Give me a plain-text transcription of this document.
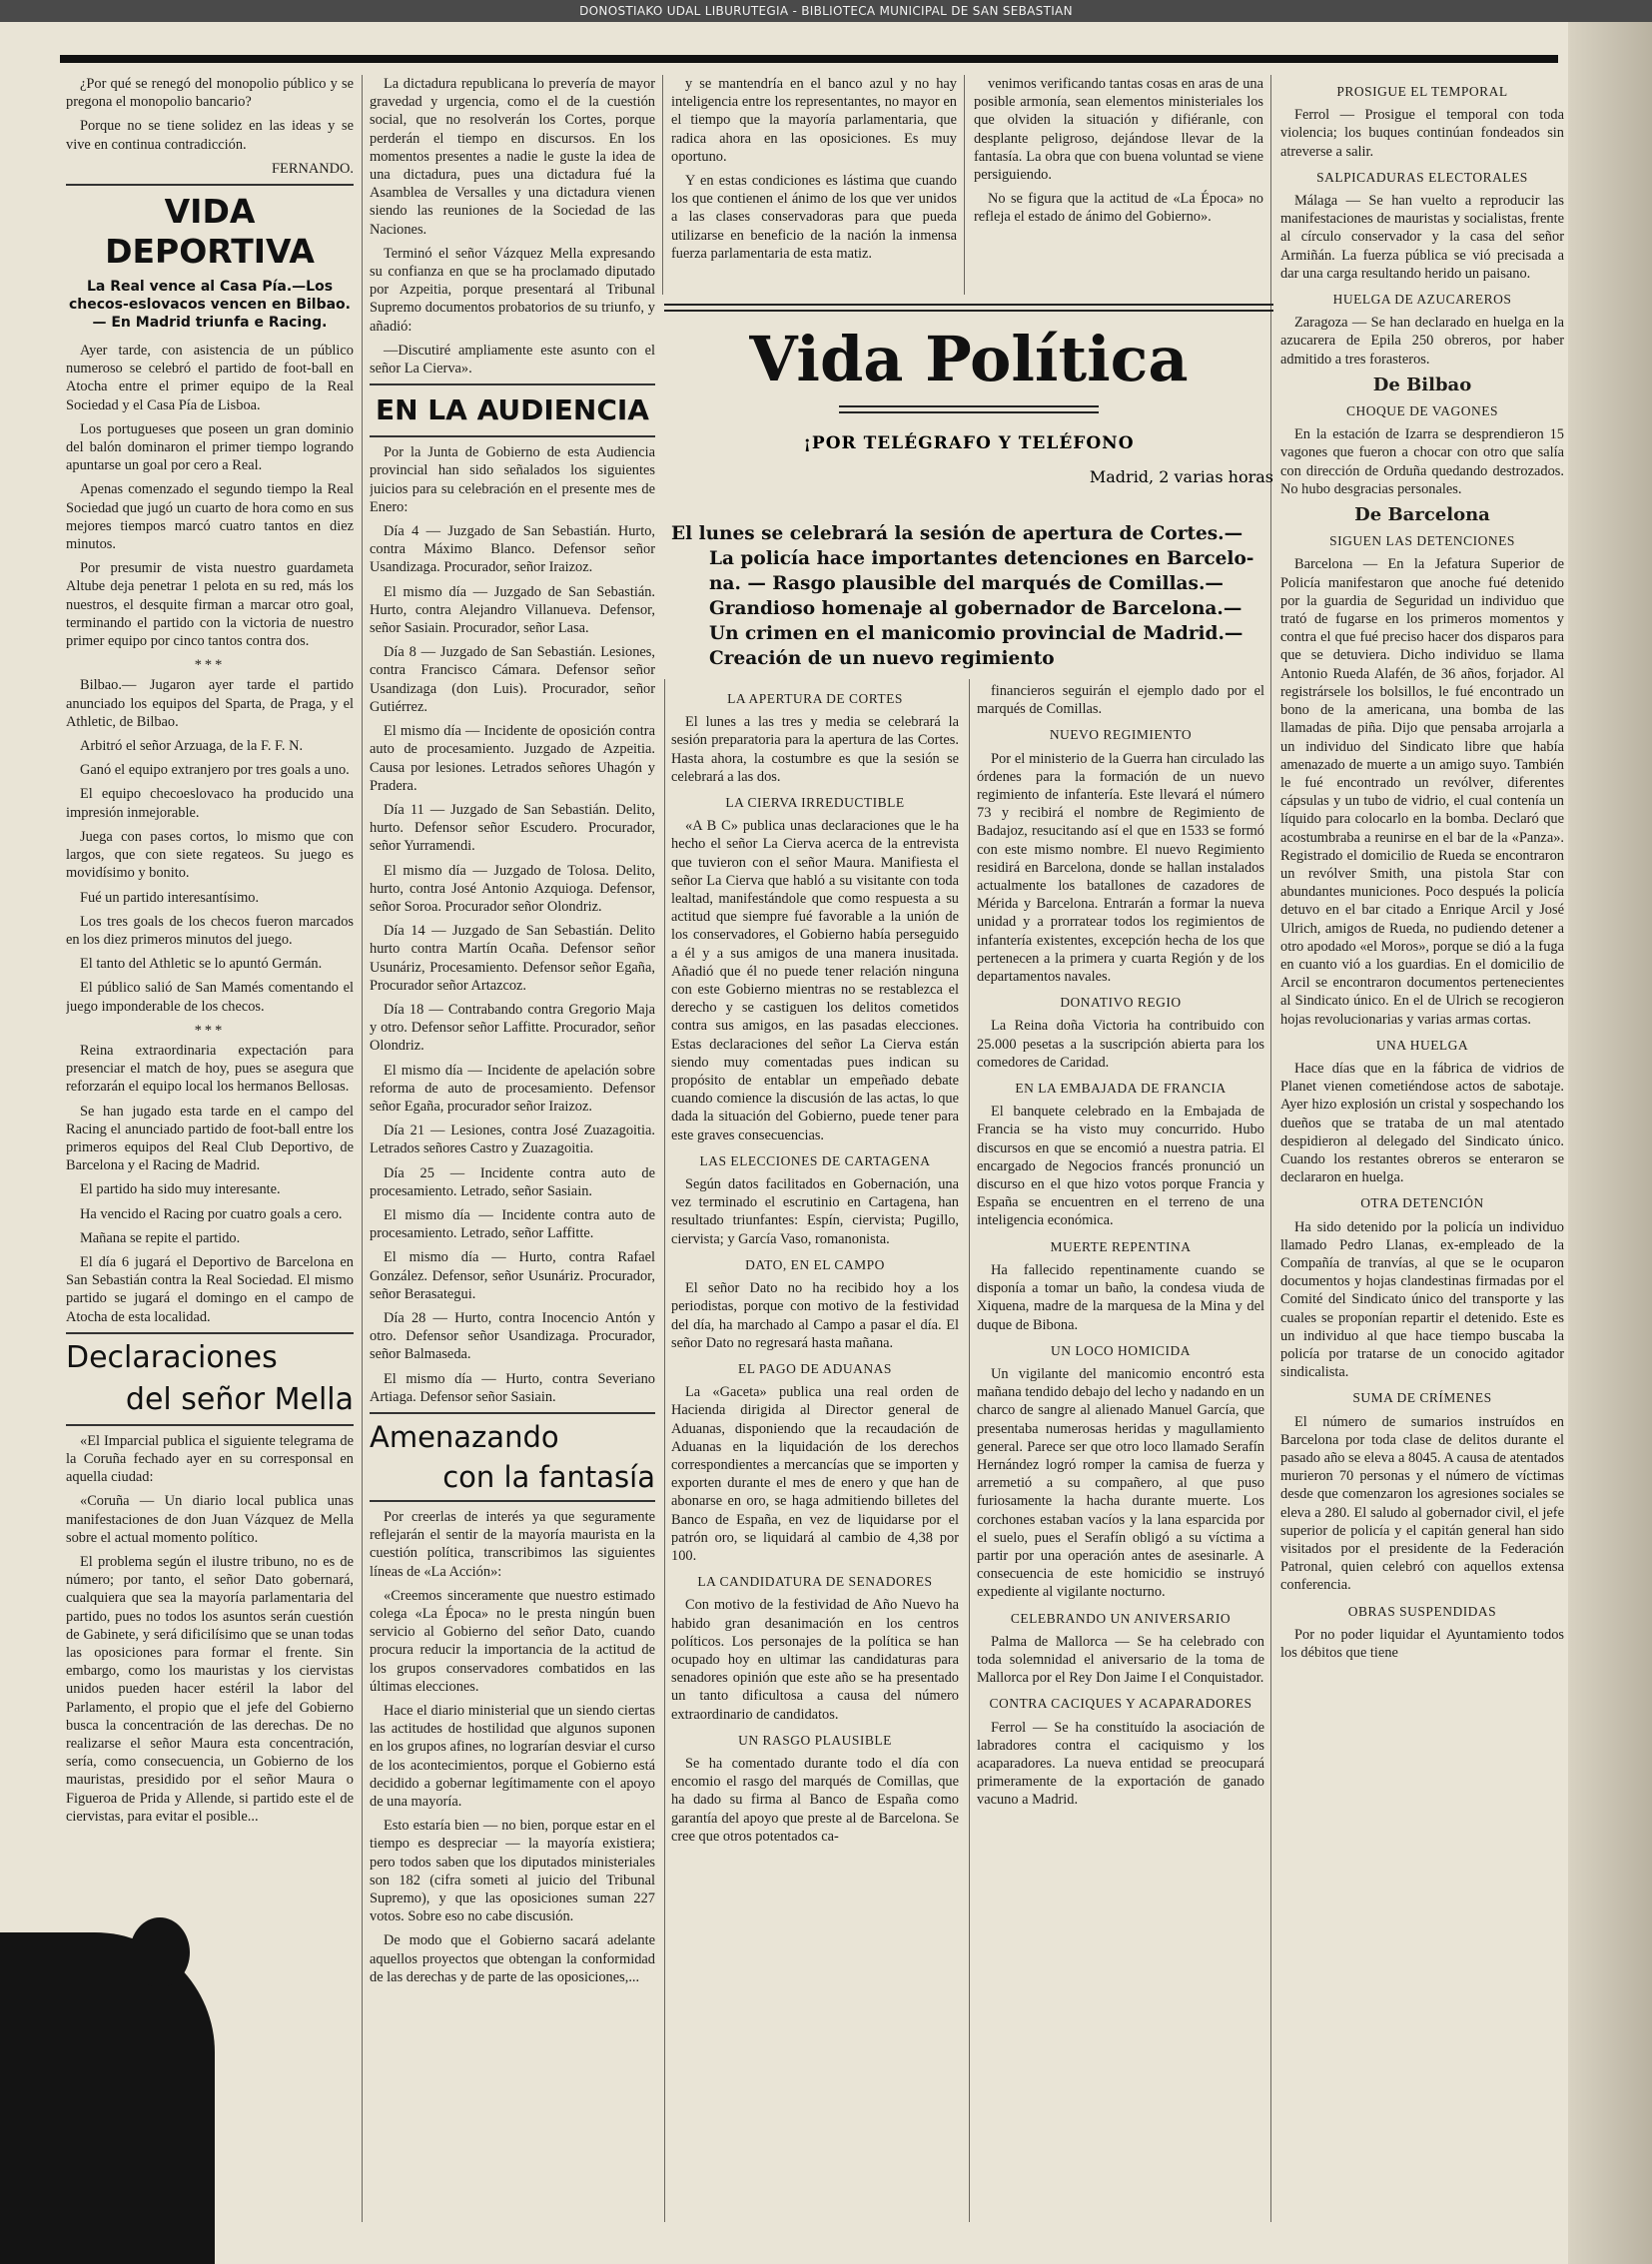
DONOSTIAKO UDAL LIBURUTEGIA - BIBLIOTECA MUNICIPAL DE SAN SEBASTIAN

¿Por qué se renegó del monopolio público y se pregona el monopolio bancario?

Porque no se tiene solidez en las ideas y se vive en continua contradicción.

FERNANDO.
VIDA DEPORTIVA
La Real vence al Casa Pía.—Los checos-eslovacos vencen en Bilbao.— En Madrid triunfa e Racing.

Ayer tarde, con asistencia de un público numeroso se celebró el partido de foot-ball en Atocha entre el primer equipo de la Real Sociedad y el Casa Pía de Lisboa.

Los portugueses que poseen un gran dominio del balón dominaron el primer tiempo logrando apuntarse un goal por cero a Real.

Apenas comenzado el segundo tiempo la Real Sociedad que jugó un cuarto de hora como en sus mejores tiempos marcó cuatro tantos en diez minutos.

Por presumir de vista nuestro guardameta Altube deja penetrar 1 pelota en su red, más los nuestros, el desquite firman a marcar otro goal, terminando el partido con la victoria de nuestro primer equipo por cinco tantos contra dos.

***

Bilbao.— Jugaron ayer tarde el partido anunciado los equipos del Sparta, de Praga, y el Athletic, de Bilbao.

Arbitró el señor Arzuaga, de la F. F. N.

Ganó el equipo extranjero por tres goals a uno.

El equipo checoeslovaco ha producido una impresión inmejorable.

Juega con pases cortos, lo mismo que con largos, que con siete regateos. Su juego es movidísimo y bonito.

Fué un partido interesantísimo.

Los tres goals de los checos fueron marcados en los diez primeros minutos del juego.

El tanto del Athletic se lo apuntó Germán.

El público salió de San Mamés comentando el juego imponderable de los checos.

***

Reina extraordinaria expectación para presenciar el match de hoy, pues se asegura que reforzarán el equipo local los hermanos Bellosas.

Se han jugado esta tarde en el campo del Racing el anunciado partido de foot-ball entre los primeros equipos del Real Club Deportivo, de Barcelona y el Racing de Madrid.

El partido ha sido muy interesante.

Ha vencido el Racing por cuatro goals a cero.

Mañana se repite el partido.

El día 6 jugará el Deportivo de Barcelona en San Sebastián contra la Real Sociedad. El mismo partido se jugará el domingo en el campo de Atocha de esta localidad.

Declaraciones
del señor Mella

«El Imparcial publica el siguiente telegrama de la Coruña fechado ayer en su corresponsal en aquella ciudad:

«Coruña — Un diario local publica unas manifestaciones de don Juan Vázquez de Mella sobre el actual momento político.

El problema según el ilustre tribuno, no es de número; por tanto, el señor Dato gobernará, cualquiera que sea la mayoría parlamentaria del partido, pues no todos los asuntos serán cuestión de Gabinete, y será dificilísimo que se unan todas las oposiciones para formar el frente. Sin embargo, como los mauristas y los ciervistas unidos pueden hacer estéril la labor del Parlamento, el propio que el jefe del Gobierno busca la concentración de las derechas. De no realizarse el señor Maura esta concentración, sería, como consecuencia, un Gobierno de los mauristas, presidido por el señor Maura o Figueroa de Prida y Allende, si partido este el de ciervistas, para evitar el posible...

La dictadura republicana lo prevería de mayor gravedad y urgencia, como el de la cuestión social, que no resolverán los Cortes, porque perderán el tiempo en discursos. En los momentos presentes a nadie le guste la idea de una dictadura, pues una dictadura fué la Asamblea de Versalles y una dictadura vienen siendo las reuniones de la Sociedad de las Naciones.

Terminó el señor Vázquez Mella expresando su confianza en que se ha proclamado diputado por Azpeitia, porque presentará al Tribunal Supremo documentos probatorios de su triunfo, y añadió:

—Discutiré ampliamente este asunto con el señor La Cierva».

EN LA AUDIENCIA

Por la Junta de Gobierno de esta Audiencia provincial han sido señalados los siguientes juicios para su celebración en el presente mes de Enero:

Día 4 — Juzgado de San Sebastián. Hurto, contra Máximo Blanco. Defensor señor Usandizaga. Procurador, señor Iraizoz.

El mismo día — Juzgado de San Sebastián. Hurto, contra Alejandro Villanueva. Defensor, señor Sasiain. Procurador, señor Lasa.

Día 8 — Juzgado de San Sebastián. Lesiones, contra Francisco Cámara. Defensor señor Usandizaga (don Luis). Procurador, señor Gutiérrez.

El mismo día — Incidente de oposición contra auto de procesamiento. Juzgado de Azpeitia. Causa por lesiones. Letrados señores Uhagón y Pradera.

Día 11 — Juzgado de San Sebastián. Delito, hurto. Defensor señor Escudero. Procurador, señor Yurramendi.

El mismo día — Juzgado de Tolosa. Delito, hurto, contra José Antonio Azquioga. Defensor, señor Soroa. Procurador señor Olondriz.

Día 14 — Juzgado de San Sebastián. Delito hurto contra Martín Ocaña. Defensor señor Usunáriz, Procesamiento. Defensor señor Egaña, Procurador señor Artazcoz.

Día 18 — Contrabando contra Gregorio Maja y otro. Defensor señor Laffitte. Procurador, señor Olondriz.

El mismo día — Incidente de apelación sobre reforma de auto de procesamiento. Defensor señor Egaña, procurador señor Iraizoz.

Día 21 — Lesiones, contra José Zuazagoitia. Letrados señores Castro y Zuazagoitia.

Día 25 — Incidente contra auto de procesamiento. Letrado, señor Sasiain.

El mismo día — Incidente contra auto de procesamiento. Letrado, señor Laffitte.

El mismo día — Hurto, contra Rafael González. Defensor, señor Usunáriz. Procurador, señor Berasategui.

Día 28 — Hurto, contra Inocencio Antón y otro. Defensor señor Usandizaga. Procurador, señor Balmaseda.

El mismo día — Hurto, contra Severiano Artiaga. Defensor señor Sasiain.

Amenazando
con la fantasía

Por creerlas de interés ya que seguramente reflejarán el sentir de la mayoría maurista en la cuestión política, transcribimos las siguientes líneas de «La Acción»:

«Creemos sinceramente que nuestro estimado colega «La Época» no le presta ningún buen servicio al Gobierno del señor Dato, cuando procura reducir la importancia de la actitud de los grupos conservadores combatidos en las últimas elecciones.

Hace el diario ministerial que un siendo ciertas las actitudes de hostilidad que algunos suponen en los grupos afines, no lograrían desviar el curso de los acontecimientos, porque el Gobierno está decidido a gobernar legítimamente con el apoyo de una mayoría.

Esto estaría bien — no bien, porque estar en el tiempo es despreciar — la mayoría existiera; pero todos saben que los diputados ministeriales son 182 (cifra someti al juicio del Tribunal Supremo), y que las oposiciones suman 227 votos. Sobre eso no cabe discusión.

De modo que el Gobierno sacará adelante aquellos proyectos que obtengan la conformidad de las derechas y de parte de las oposiciones,...

y se mantendría en el banco azul y no hay inteligencia entre los representantes, no mayor en el tiempo que la mayoría parlamentaria, que radica ahora en las oposiciones. Es muy oportuno.

Y en estas condiciones es lástima que cuando los que contienen el ánimo de los que ver unidos a las clases conservadoras para que pueda utilizarse en beneficio de la nación la inmensa fuerza parlamentaria de esta matiz.

venimos verificando tantas cosas en aras de una posible armonía, sean elementos ministeriales los que olviden la situación y difiéranle, con desplante peligroso, dejándose llevar de la fantasía. La obra que con buena voluntad se viene persiguiendo.

No se figura que la actitud de «La Época» no refleja el estado de ánimo del Gobierno».

Vida Política
¡POR TELÉGRAFO Y TELÉFONO
Madrid, 2 varias horas
El lunes se celebrará la sesión de apertura de Cortes.—
La policía hace importantes detenciones en Barcelo-
na. — Rasgo plausible del marqués de Comillas.—
Grandioso homenaje al gobernador de Barcelona.—
Un crimen en el manicomio provincial de Madrid.—
Creación de un nuevo regimiento
LA APERTURA DE CORTES

El lunes a las tres y media se celebrará la sesión preparatoria para la apertura de las Cortes. Hasta ahora, la costumbre es que la sesión se celebrará a las dos.

LA CIERVA IRREDUCTIBLE

«A B C» publica unas declaraciones que le ha hecho el señor La Cierva acerca de la entrevista que tuvieron con el señor Maura. Manifiesta el señor La Cierva que habló a su visitante con toda lealtad, manifestándole que como respuesta a su actitud que siempre fué favorable a la unión de los conservadores, el Gobierno había perseguido a él y a sus amigos de una manera inusitada. Añadió que él no puede tener relación ninguna con este Gobierno mientras no se restablezca el derecho y se castiguen los delitos cometidos contra sus amigos, en las pasadas elecciones. Estas declaraciones del señor La Cierva están siendo muy comentadas pues indican su propósito de entablar un empeñado debate cuando comience la discusión de las actas, lo que dada la situación del Gobierno, puede tener para este graves consecuencias.

LAS ELECCIONES DE CARTAGENA

Según datos facilitados en Gobernación, una vez terminado el escrutinio en Cartagena, han resultado triunfantes: Espín, ciervista; Pugillo, ciervista; y García Vaso, romanonista.

DATO, EN EL CAMPO

El señor Dato no ha recibido hoy a los periodistas, porque con motivo de la festividad del día, ha marchado al Campo a pasar el día. El señor Dato no regresará hasta mañana.

EL PAGO DE ADUANAS

La «Gaceta» publica una real orden de Hacienda dirigida al Director general de Aduanas, disponiendo que la recaudación de Aduanas en la liquidación de los derechos correspondientes a mercancías que se importen y exporten durante el mes de enero y que han de abonarse en oro, se haga admitiendo billetes del Banco de España, en vez de liquidarse por el patrón oro, se liquidará al cambio de 4,38 por 100.

LA CANDIDATURA DE SENADORES

Con motivo de la festividad de Año Nuevo ha habido gran desanimación en los centros políticos. Los personajes de la política se han ocupado hoy en ultimar las candidaturas para senadores opinión que este año se ha presentado un tanto dificultosa a causa del número extraordinario de candidatos.

UN RASGO PLAUSIBLE

Se ha comentado durante todo el día con encomio el rasgo del marqués de Comillas, que ha dado su firma al Banco de España como garantía del apoyo que preste al de Barcelona. Se cree que otros potentados ca-

financieros seguirán el ejemplo dado por el marqués de Comillas.

NUEVO REGIMIENTO

Por el ministerio de la Guerra han circulado las órdenes para la formación de un nuevo regimiento de infantería. Este llevará el número 73 y recibirá el nombre de Regimiento de Badajoz, resucitando así el que en 1533 se formó con este mismo nombre. El nuevo Regimiento residirá en Barcelona, donde se hallan instalados actualmente los batallones de cazadores de Mérida y Barcelona. Entrarán a formar la nueva unidad y a prorratear todos los regimientos de infantería existentes, excepción hecha de los que pertenecen a la primera y cuarta Región y de los departamentos navales.

DONATIVO REGIO

La Reina doña Victoria ha contribuido con 25.000 pesetas a la suscripción abierta para los comedores de Caridad.

EN LA EMBAJADA DE FRANCIA

El banquete celebrado en la Embajada de Francia se ha visto muy concurrido. Hubo discursos en que se encomió a nuestra patria. El encargado de Negocios francés pronunció un discurso en el que hizo votos porque Francia y España se encuentren en el terreno de una inteligencia económica.

MUERTE REPENTINA

Ha fallecido repentinamente cuando se disponía a tomar un baño, la condesa viuda de Xiquena, madre de la marquesa de la Mina y del duque de Bibona.

UN LOCO HOMICIDA

Un vigilante del manicomio encontró esta mañana tendido debajo del lecho y nadando en un charco de sangre al alienado Manuel García, que presentaba numerosas heridas y magullamiento general. Parece ser que otro loco llamado Serafín Hernández logró romper la camisa de fuerza y arremetió a su compañero, al que puso furiosamente la hacha durante muerte. Los corchones estaban vacíos y la lana esparcida por el suelo, pues el Serafín obligó a su víctima a partir por una operación antes de asesinarle. A consecuencia de este homicidio se instruyó expediente al vigilante nocturno.

CELEBRANDO UN ANIVERSARIO

Palma de Mallorca — Se ha celebrado con toda solemnidad el aniversario de la toma de Mallorca por el Rey Don Jaime I el Conquistador.

CONTRA CACIQUES Y ACAPARADORES

Ferrol — Se ha constituído la asociación de labradores contra el caciquismo y los acaparadores. La nueva entidad se preocupará primeramente de la exportación de ganado vacuno a Madrid.

PROSIGUE EL TEMPORAL

Ferrol — Prosigue el temporal con toda violencia; los buques continúan fondeados sin atreverse a salir.

SALPICADURAS ELECTORALES

Málaga — Se han vuelto a reproducir las manifestaciones de mauristas y socialistas, frente al círculo conservador y la casa del señor Armiñán. La fuerza pública se vió precisada a dar una carga resultando herido un paisano.

HUELGA DE AZUCAREROS

Zaragoza — Se han declarado en huelga en la azucarera de Epila 250 obreros, por haber admitido a tres forasteros.

De Bilbao
CHOQUE DE VAGONES

En la estación de Izarra se desprendieron 15 vagones que fueron a chocar con otro que salía con dirección de Orduña quedando destrozados. No hubo desgracias personales.

De Barcelona
SIGUEN LAS DETENCIONES

Barcelona — En la Jefatura Superior de Policía manifestaron que anoche fué detenido por la guardia de Seguridad un individuo que trató de fugarse en los primeros momentos y contra el que fué preciso hacer dos disparos para que se detuviera. Dicho individuo se llama Antonio Rueda Alafén, de 36 años, forjador. Al registrársele los bolsillos, le fué encontrado un bono de la americana, una bomba de las llamadas de piña. Dijo que pensaba arrojarla a un individuo del Sindicato libre que había amenazado de muerte a un amigo suyo. También le fué encontrado un revólver, diferentes cápsulas y un tubo de vidrio, el cual contenía un líquido para colocarlo en la bomba. Declaró que acostumbraba a reunirse en el bar de la «Panza». Registrado el domicilio de Rueda se encontraron un revólver Smith, una pistola Star con abundantes municiones. Poco después la policía detuvo en el bar citado a Enrique Arcil y José Ulrich, amigos de Rueda, no pudiendo detener a otro apodado «el Moros», porque se dió a la fuga en cuanto vió a los guardias. En el domicilio de Arcil se encontraron documentos pertenecientes al Sindicato único. En el de Ulrich se recogieron hojas revolucionarias y varias armas cortas.

UNA HUELGA

Hace días que en la fábrica de vidrios de Planet vienen cometiéndose actos de sabotaje. Ayer hizo explosión un cristal y sospechando los dueños que se trataba de un mal atentado despidieron al delegado del Sindicato único. Cuando los restantes obreros se enteraron se declararon en huelga.

OTRA DETENCIÓN

Ha sido detenido por la policía un individuo llamado Pedro Llanas, ex-empleado de la Compañía de tranvías, al que se le ocuparon documentos y hojas clandestinas firmadas por el Comité del Sindicato único del transporte y las cuales se proponían repartir el detenido. Este es un individuo al que hace tiempo buscaba la policía por tratarse de un conocido agitador sindicalista.

SUMA DE CRÍMENES

El número de sumarios instruídos en Barcelona por toda clase de delitos durante el pasado año se eleva a 8045. A causa de atentados murieron 70 personas y el número de víctimas desde que comenzaron los agresiones sociales se eleva a 280. El saludo al gobernador civil, el jefe superior de policía y el capitán general han sido visitados por el presidente de la Federación Patronal, quien celebró con aquellos extensa conferencia.

OBRAS SUSPENDIDAS

Por no poder liquidar el Ayuntamiento todos los débitos que tiene
